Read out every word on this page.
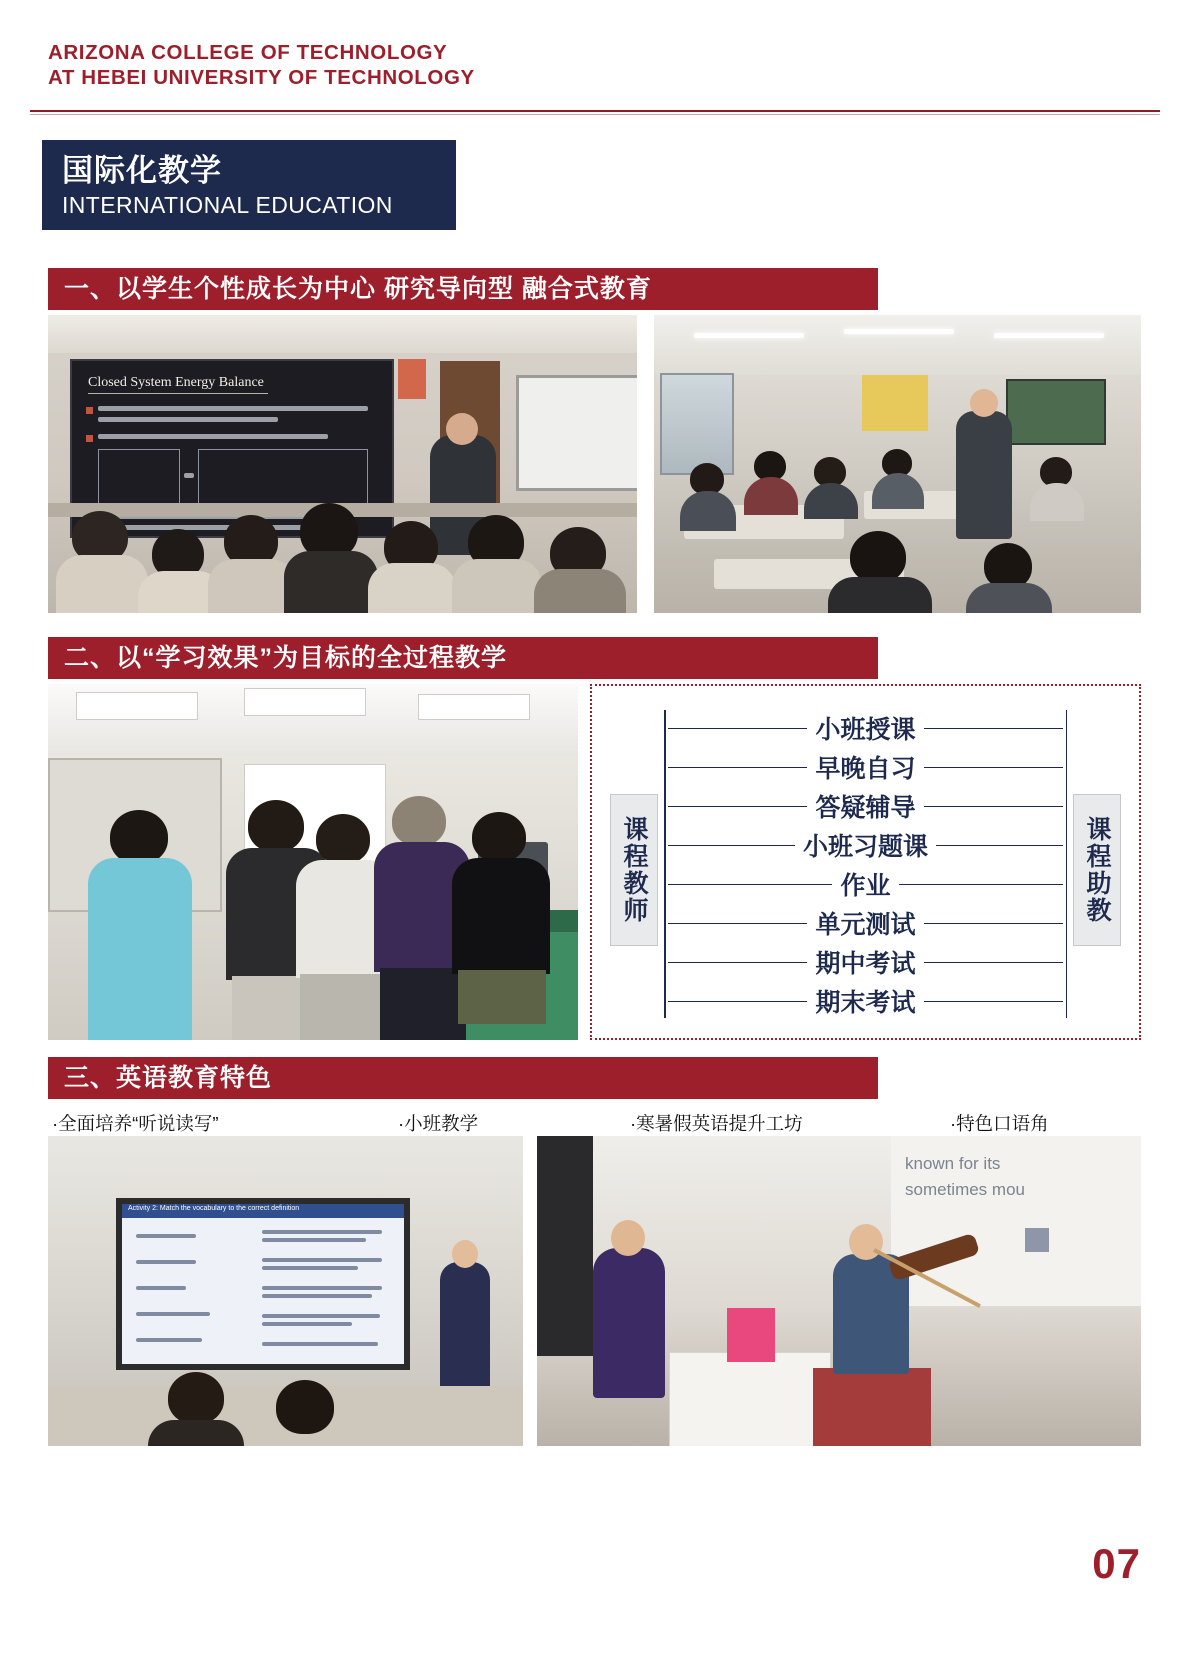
ARIZONA COLLEGE OF TECHNOLOGY
AT HEBEI UNIVERSITY OF TECHNOLOGY
国际化教学
INTERNATIONAL EDUCATION
一、以学生个性成长为中心 研究导向型 融合式教育
Closed System Energy Balance
二、以“学习效果”为目标的全过程教学
课程教师	课程助教
小班授课
早晚自习
答疑辅导
小班习题课
作业
单元测试
期中考试
期末考试
三、英语教育特色
·全面培养“听说读写”	·小班教学	·寒暑假英语提升工坊	·特色口语角
Activity 2: Match the vocabulary to the correct definition
known for its
sometimes mou
07
